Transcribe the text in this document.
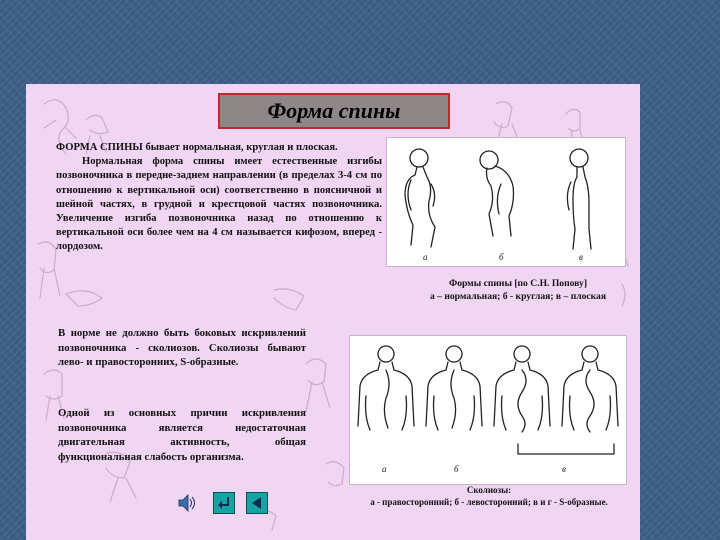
Форма спины
ФОРМА СПИНЫ бывает нормальная, круглая и плоская.
Нормальная форма спины имеет естественные изгибы позвоночника в передне-заднем направлении (в пределах 3-4 см по отношению к вертикальной оси) соответственно в поясничной и шейной частях, в грудной и крестцовой частях позвоночника. Увеличение изгиба позвоночника назад по отношению к вертикальной оси более чем на 4 см называется кифозом, вперед - лордозом.
В норме не должно быть боковых искривлений позвоночника - сколиозов. Сколиозы бывают лево- и правосторонних, S-образные.
Одной из основных причин искривления позвоночника является недостаточная двигательная активность, общая функциональная слабость организма.
а	б	в
Формы спины [по С.Н. Попову]
а – нормальная; б - круглая; в – плоская
а	б	в
Сколиозы:
а - правосторонний; б - левосторонний; в и г - S-образные.
